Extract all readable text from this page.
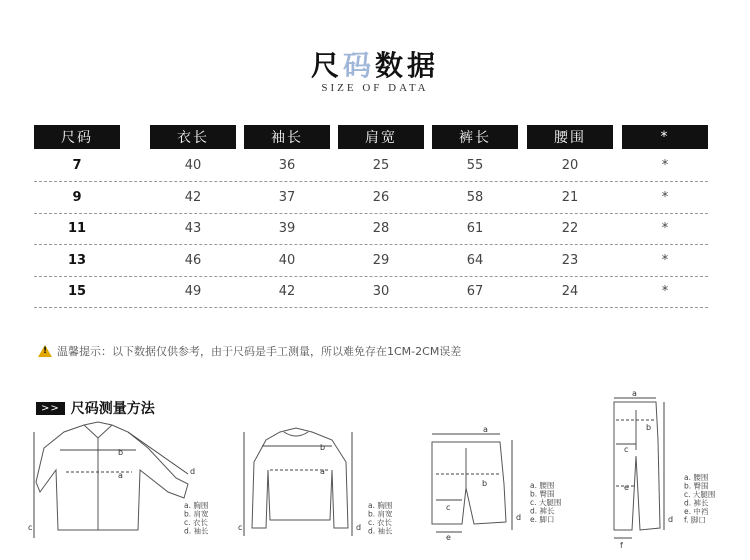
尺码数据
SIZE OF DATA
尺码	衣长	袖长	肩宽	裤长	腰围	*
7	40	36	25	55	20	*
9	42	37	26	58	21	*
11	43	39	28	61	22	*
13	46	40	29	64	23	*
15	49	42	30	67	24	*
! 温馨提示：以下数据仅供参考，由于尺码是手工测量，所以难免存在1CM-2CM误差
>> 尺码测量方法
b
a	d
c
b
a
c	d
a
b
c
d
e
a
b
c
d
e
f
a. 胸围
b. 肩宽
c. 衣长
d. 袖长
a. 胸围
b. 肩宽
c. 衣长
d. 袖长
a. 腰围
b. 臀围
c. 大腿围
d. 裤长
e. 脚口
a. 腰围
b. 臀围
c. 大腿围
d. 裤长
e. 中裆
f. 脚口
